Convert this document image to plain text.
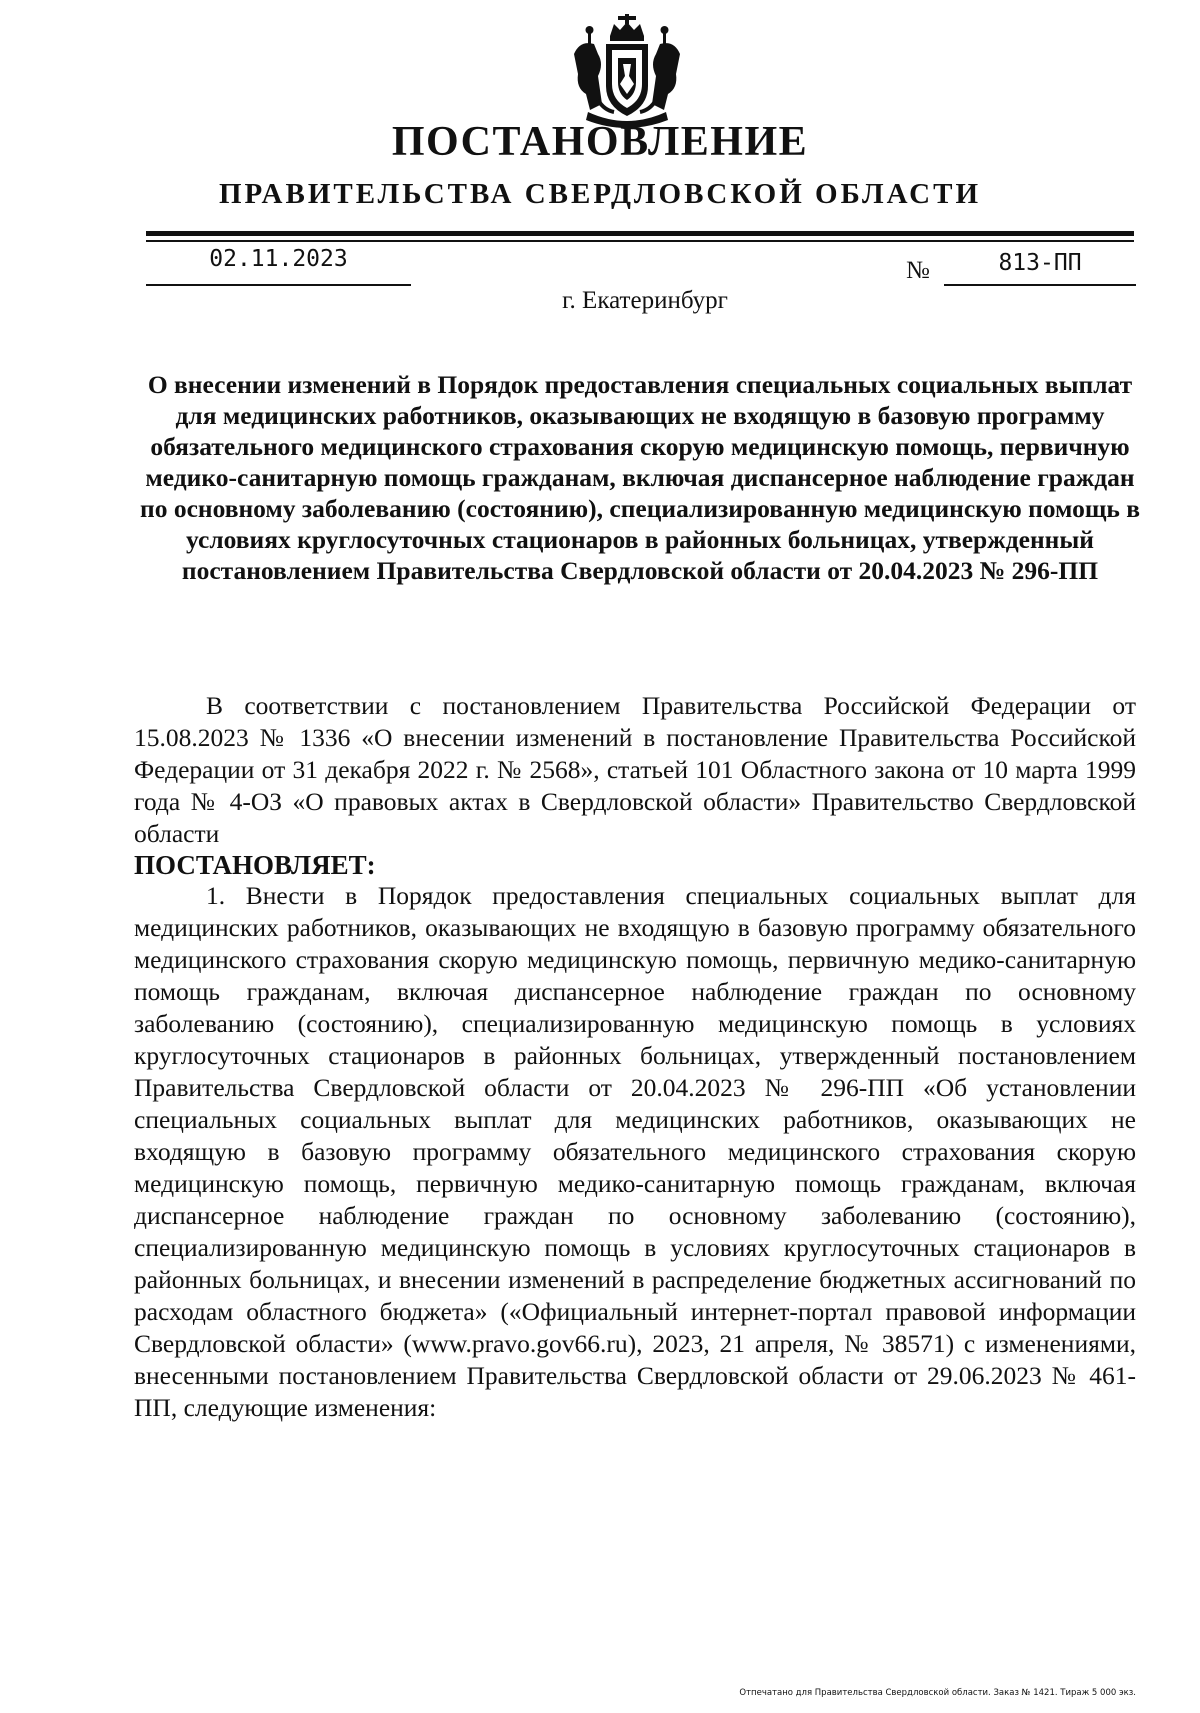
ПОСТАНОВЛЕНИЕ
ПРАВИТЕЛЬСТВА СВЕРДЛОВСКОЙ ОБЛАСТИ
02.11.2023	№	813-ПП
г. Екатеринбург

О внесении изменений в Порядок предоставления специальных социальных выплат для медицинских работников, оказывающих не входящую в базовую программу обязательного медицинского страхования скорую медицинскую помощь, первичную медико-санитарную помощь гражданам, включая диспансерное наблюдение граждан по основному заболеванию (состоянию), специализированную медицинскую помощь в условиях круглосуточных стационаров в районных больницах, утвержденный постановлением Правительства Свердловской области от 20.04.2023 № 296-ПП

В соответствии с постановлением Правительства Российской Федерации от 15.08.2023 № 1336 «О внесении изменений в постановление Правительства Российской Федерации от 31 декабря 2022 г. № 2568», статьей 101 Областного закона от 10 марта 1999 года № 4-ОЗ «О правовых актах в Свердловской области» Правительство Свердловской области

ПОСТАНОВЛЯЕТ:

1. Внести в Порядок предоставления специальных социальных выплат для медицинских работников, оказывающих не входящую в базовую программу обязательного медицинского страхования скорую медицинскую помощь, первичную медико-санитарную помощь гражданам, включая диспансерное наблюдение граждан по основному заболеванию (состоянию), специализированную медицинскую помощь в условиях круглосуточных стационаров в районных больницах, утвержденный постановлением Правительства Свердловской области от 20.04.2023 № 296-ПП «Об установлении специальных социальных выплат для медицинских работников, оказывающих не входящую в базовую программу обязательного медицинского страхования скорую медицинскую помощь, первичную медико-санитарную помощь гражданам, включая диспансерное наблюдение граждан по основному заболеванию (состоянию), специализированную медицинскую помощь в условиях круглосуточных стационаров в районных больницах, и внесении изменений в распределение бюджетных ассигнований по расходам областного бюджета» («Официальный интернет-портал правовой информации Свердловской области» (www.pravo.gov66.ru), 2023, 21 апреля, № 38571) с изменениями, внесенными постановлением Правительства Свердловской области от 29.06.2023 № 461-ПП, следующие изменения:

Отпечатано для Правительства Свердловской области. Заказ № 1421. Тираж 5 000 экз.
